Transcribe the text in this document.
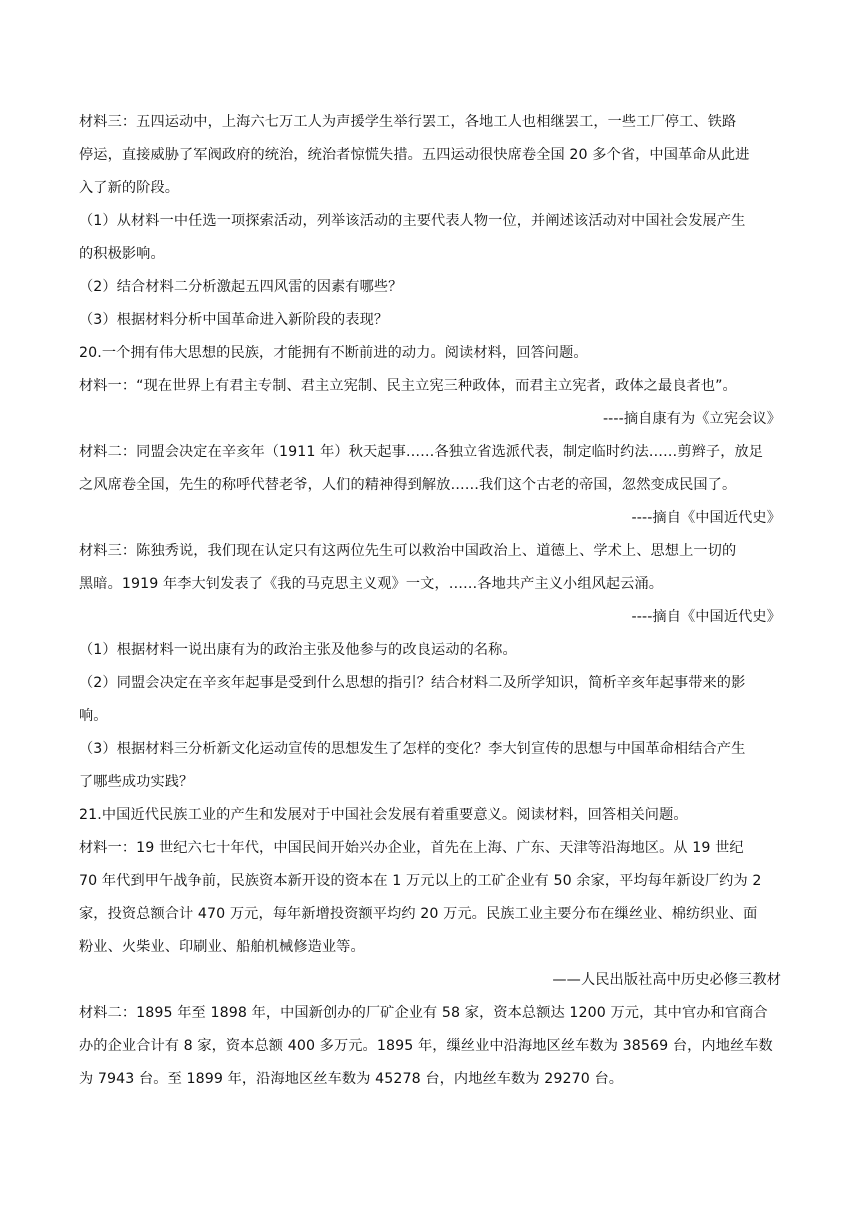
材料三：五四运动中，上海六七万工人为声援学生举行罢工，各地工人也相继罢工，一些工厂停工、铁路
停运，直接威胁了军阀政府的统治，统治者惊慌失措。五四运动很快席卷全国 20 多个省，中国革命从此进
入了新的阶段。
（1）从材料一中任选一项探索活动，列举该活动的主要代表人物一位，并阐述该活动对中国社会发展产生
的积极影响。
（2）结合材料二分析激起五四风雷的因素有哪些？
（3）根据材料分析中国革命进入新阶段的表现？
20.一个拥有伟大思想的民族，才能拥有不断前进的动力。阅读材料，回答问题。
材料一：“现在世界上有君主专制、君主立宪制、民主立宪三种政体，而君主立宪者，政体之最良者也”。
----摘自康有为《立宪会议》
材料二：同盟会决定在辛亥年（1911 年）秋天起事……各独立省选派代表，制定临时约法……剪辫子，放足
之风席卷全国，先生的称呼代替老爷，人们的精神得到解放……我们这个古老的帝国，忽然变成民国了。
----摘自《中国近代史》
材料三：陈独秀说，我们现在认定只有这两位先生可以救治中国政治上、道德上、学术上、思想上一切的
黑暗。1919 年李大钊发表了《我的马克思主义观》一文，……各地共产主义小组风起云涌。
----摘自《中国近代史》
（1）根据材料一说出康有为的政治主张及他参与的改良运动的名称。
（2）同盟会决定在辛亥年起事是受到什么思想的指引？结合材料二及所学知识，简析辛亥年起事带来的影
响。
（3）根据材料三分析新文化运动宣传的思想发生了怎样的变化？李大钊宣传的思想与中国革命相结合产生
了哪些成功实践？
21.中国近代民族工业的产生和发展对于中国社会发展有着重要意义。阅读材料，回答相关问题。
材料一：19 世纪六七十年代，中国民间开始兴办企业，首先在上海、广东、天津等沿海地区。从 19 世纪
70 年代到甲午战争前，民族资本新开设的资本在 1 万元以上的工矿企业有 50 余家，平均每年新设厂约为 2
家，投资总额合计 470 万元，每年新增投资额平均约 20 万元。民族工业主要分布在缫丝业、棉纺织业、面
粉业、火柴业、印刷业、船舶机械修造业等。
——人民出版社高中历史必修三教材
材料二：1895 年至 1898 年，中国新创办的厂矿企业有 58 家，资本总额达 1200 万元，其中官办和官商合
办的企业合计有 8 家，资本总额 400 多万元。1895 年，缫丝业中沿海地区丝车数为 38569 台，内地丝车数
为 7943 台。至 1899 年，沿海地区丝车数为 45278 台，内地丝车数为 29270 台。
